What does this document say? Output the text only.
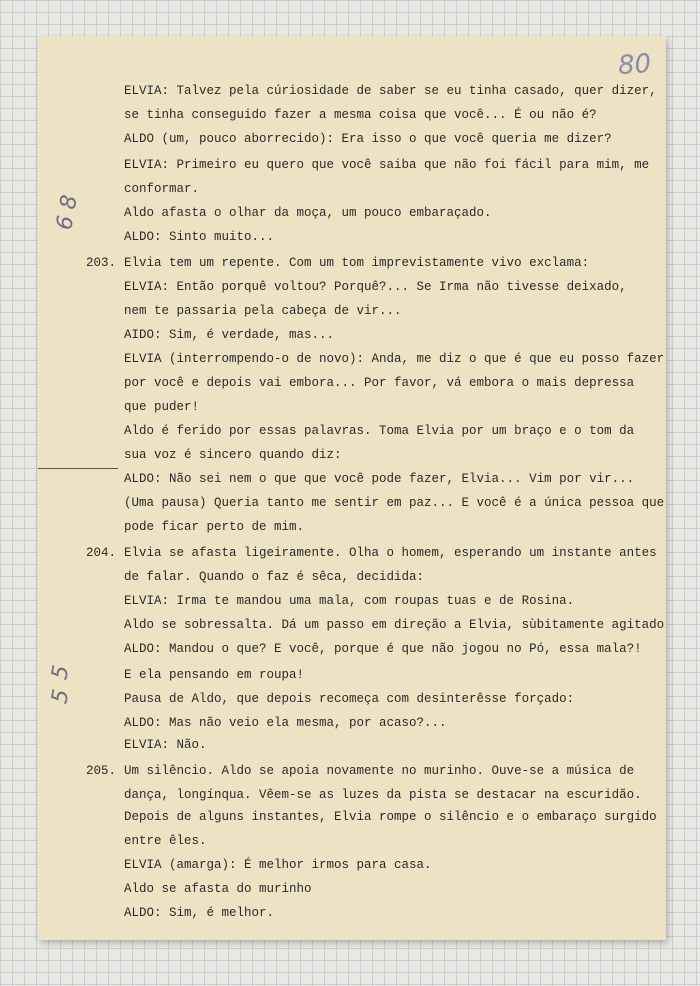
80
6 8
5
5
ELVIA: Talvez pela cúriosidade de saber se eu tinha casado, quer dizer,
se tinha conseguido fazer a mesma coisa que você... É ou não é?
ALDO (um, pouco aborrecido): Era isso o que você queria me dizer?
ELVIA: Primeiro eu quero que você saiba que não foi fácil para mim, me
conformar.
Aldo afasta o olhar da moça, um pouco embaraçado.
ALDO: Sinto muito...
Elvia tem um repente. Com um tom imprevistamente vivo exclama:
ELVIA: Então porquê voltou? Porquê?... Se Irma não tivesse deixado,
nem te passaria pela cabeça de vir...
AIDO: Sim, é verdade, mas...
ELVIA (interrompendo-o de novo): Anda, me diz o que é que eu posso fazer
por você e depois vai embora... Por favor, vá embora o mais depressa
que puder!
Aldo é ferido por essas palavras. Toma Elvia por um braço e o tom da
sua voz é sincero quando diz:
ALDO: Não sei nem o que que você pode fazer, Elvia... Vim por vir...
(Uma pausa) Queria tanto me sentir em paz... E você é a única pessoa que
pode ficar perto de mim.
Elvia se afasta ligeiramente. Olha o homem, esperando um instante antes
de falar. Quando o faz é sêca, decidida:
ELVIA: Irma te mandou uma mala, com roupas tuas e de Rosina.
Aldo se sobressalta. Dá um passo em direção a Elvia, sùbitamente agitado
ALDO: Mandou o que? E você, porque é que não jogou no Pó, essa mala?!
E ela pensando em roupa!
Pausa de Aldo, que depois recomeça com desinterêsse forçado:
ALDO: Mas não veio ela mesma, por acaso?...
ELVIA: Não.
Um silêncio. Aldo se apoia novamente no murinho. Ouve-se a música de
dança, longínqua. Vêem-se as luzes da pista se destacar na escuridão.
Depois de alguns instantes, Elvia rompe o silêncio e o embaraço surgido
entre êles.
ELVIA (amarga): É melhor irmos para casa.
Aldo se afasta do murinho
ALDO: Sim, é melhor.
203.
204.
205.
